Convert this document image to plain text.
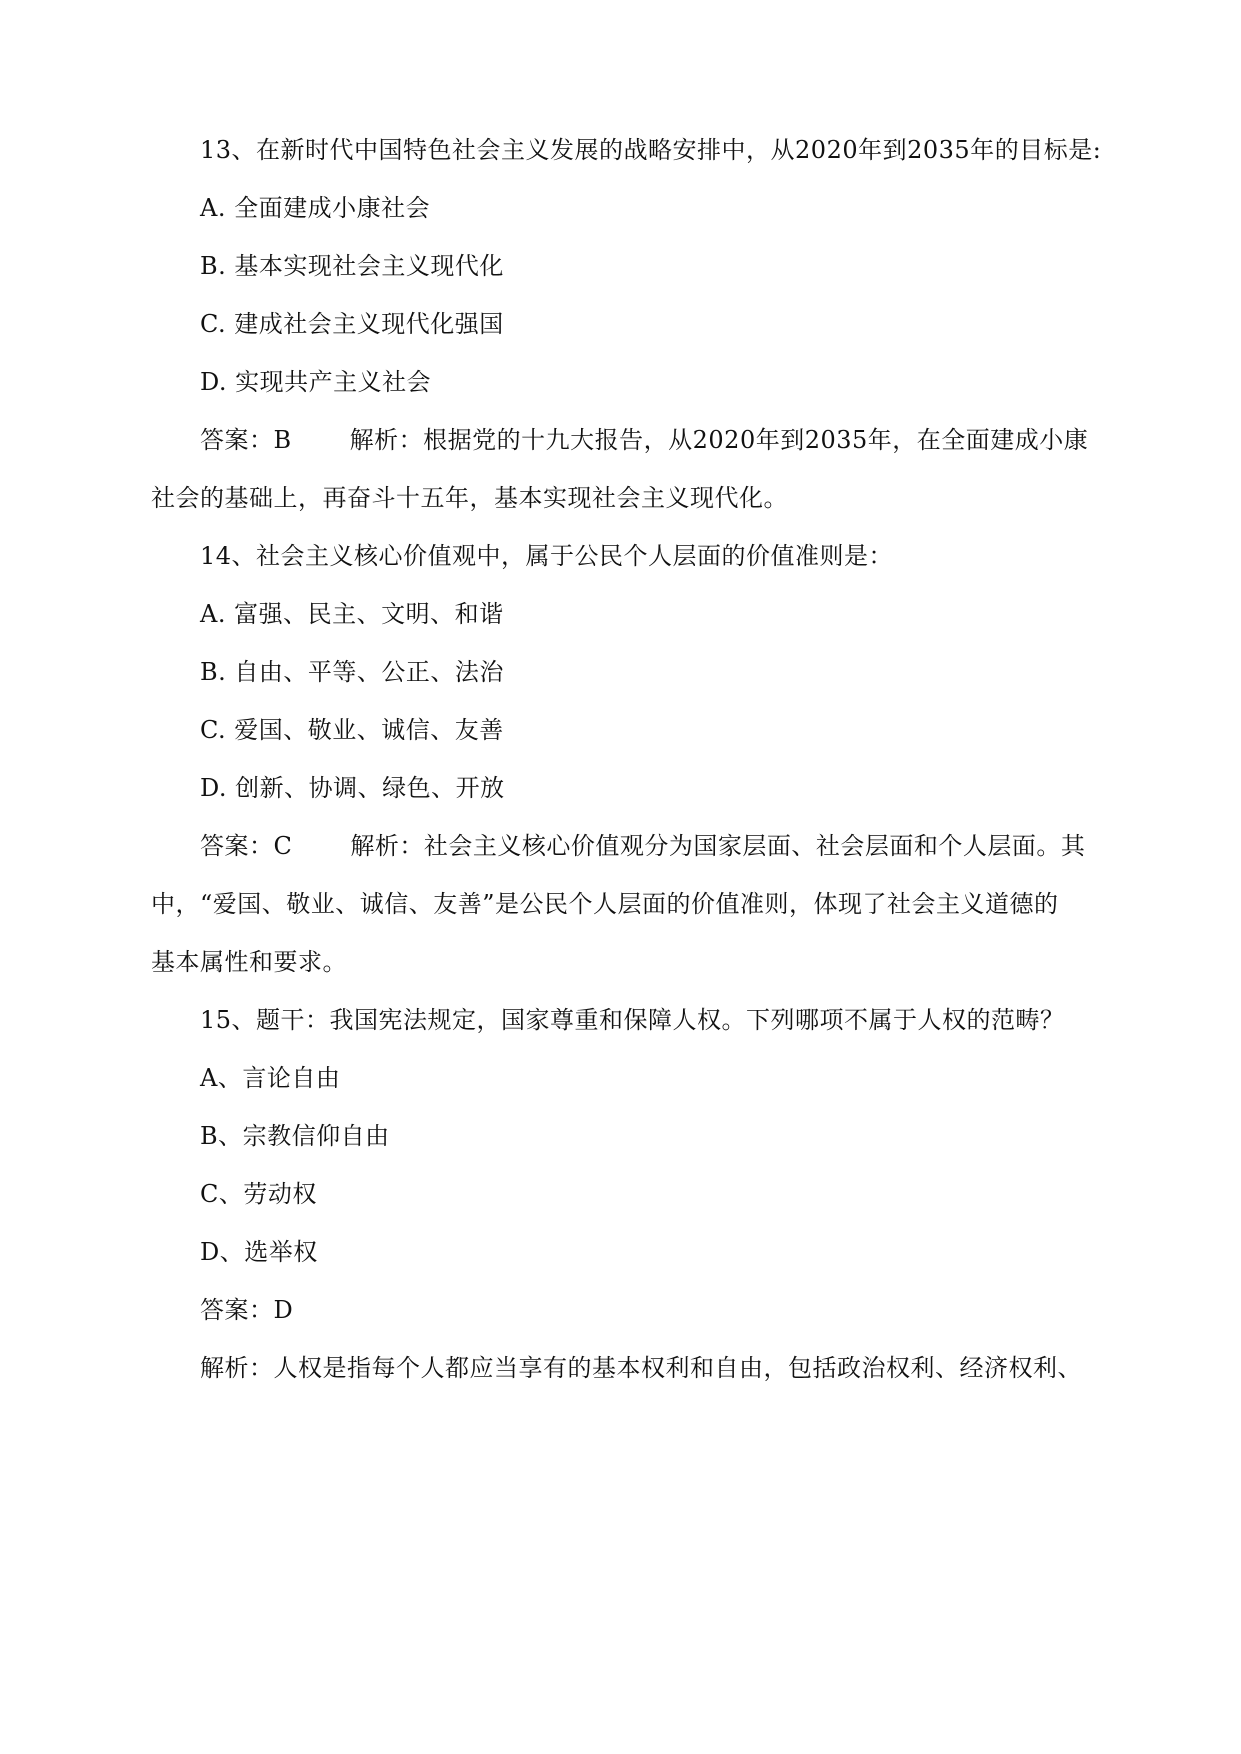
13、在新时代中国特色社会主义发展的战略安排中，从2020年到2035年的目标是:
A. 全面建成小康社会
B. 基本实现社会主义现代化
C. 建成社会主义现代化强国
D. 实现共产主义社会
答案：B 解析：根据党的十九大报告，从2020年到2035年，在全面建成小康
社会的基础上，再奋斗十五年，基本实现社会主义现代化。
14、社会主义核心价值观中，属于公民个人层面的价值准则是：
A. 富强、民主、文明、和谐
B. 自由、平等、公正、法治
C. 爱国、敬业、诚信、友善
D. 创新、协调、绿色、开放
答案：C 解析：社会主义核心价值观分为国家层面、社会层面和个人层面。其
中，“爱国、敬业、诚信、友善”是公民个人层面的价值准则，体现了社会主义道德的
基本属性和要求。
15、题干：我国宪法规定，国家尊重和保障人权。下列哪项不属于人权的范畴？
A、言论自由
B、宗教信仰自由
C、劳动权
D、选举权
答案：D
解析：人权是指每个人都应当享有的基本权利和自由，包括政治权利、经济权利、
